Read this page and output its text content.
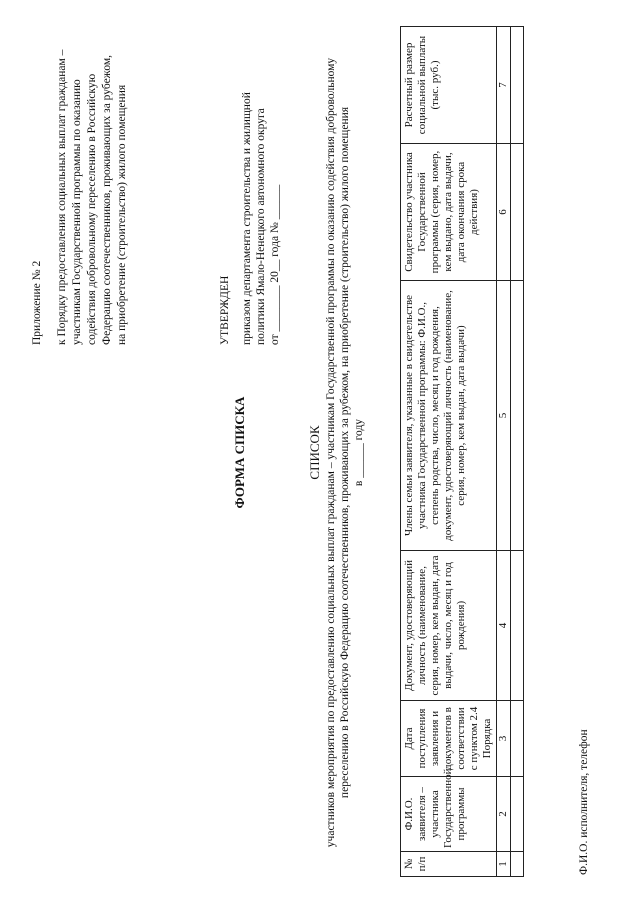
Приложение № 2 к Порядку предоставления социальных выплат гражданам – участникам Государственной программы по оказанию содействия добровольному переселению в Российскую Федерацию соотечественников, проживающих за рубежом, на приобретение (строительство) жилого помещения	УТВЕРЖДЕН приказом департамента строительства и жилищной политики Ямало-Ненецкого автономного округа от ________ 20__ года № ______
ФОРМА СПИСКА	СПИСОК участников мероприятия по предоставлению социальных выплат гражданам – участникам Государственной программы по оказанию содействия добровольному переселению в Российскую Федерацию соотечественников, проживающих за рубежом, на приобретение (строительство) жилого помещения в ______ году
№ п/п	Ф.И.О. заявителя – участника Государственной программы	Дата поступления заявления и документов в соответствии с пунктом 2.4 Порядка	Документ, удостоверяющий личность (наименование, серия, номер, кем выдан, дата выдачи, число, месяц и год рождения)	Члены семьи заявителя, указанные в свидетельстве участника Государственной программы: Ф.И.О., степень родства, число, месяц и год рождения, документ, удостоверяющий личность (наименование, серия, номер, кем выдан, дата выдачи)	Свидетельство участника Государственной программы (серия, номер, кем выдано, дата выдачи, дата окончания срока действия)	Расчетный размер социальной выплаты (тыс. руб.)
1	2	3	4	5	6	7

Ф.И.О. исполнителя, телефон
